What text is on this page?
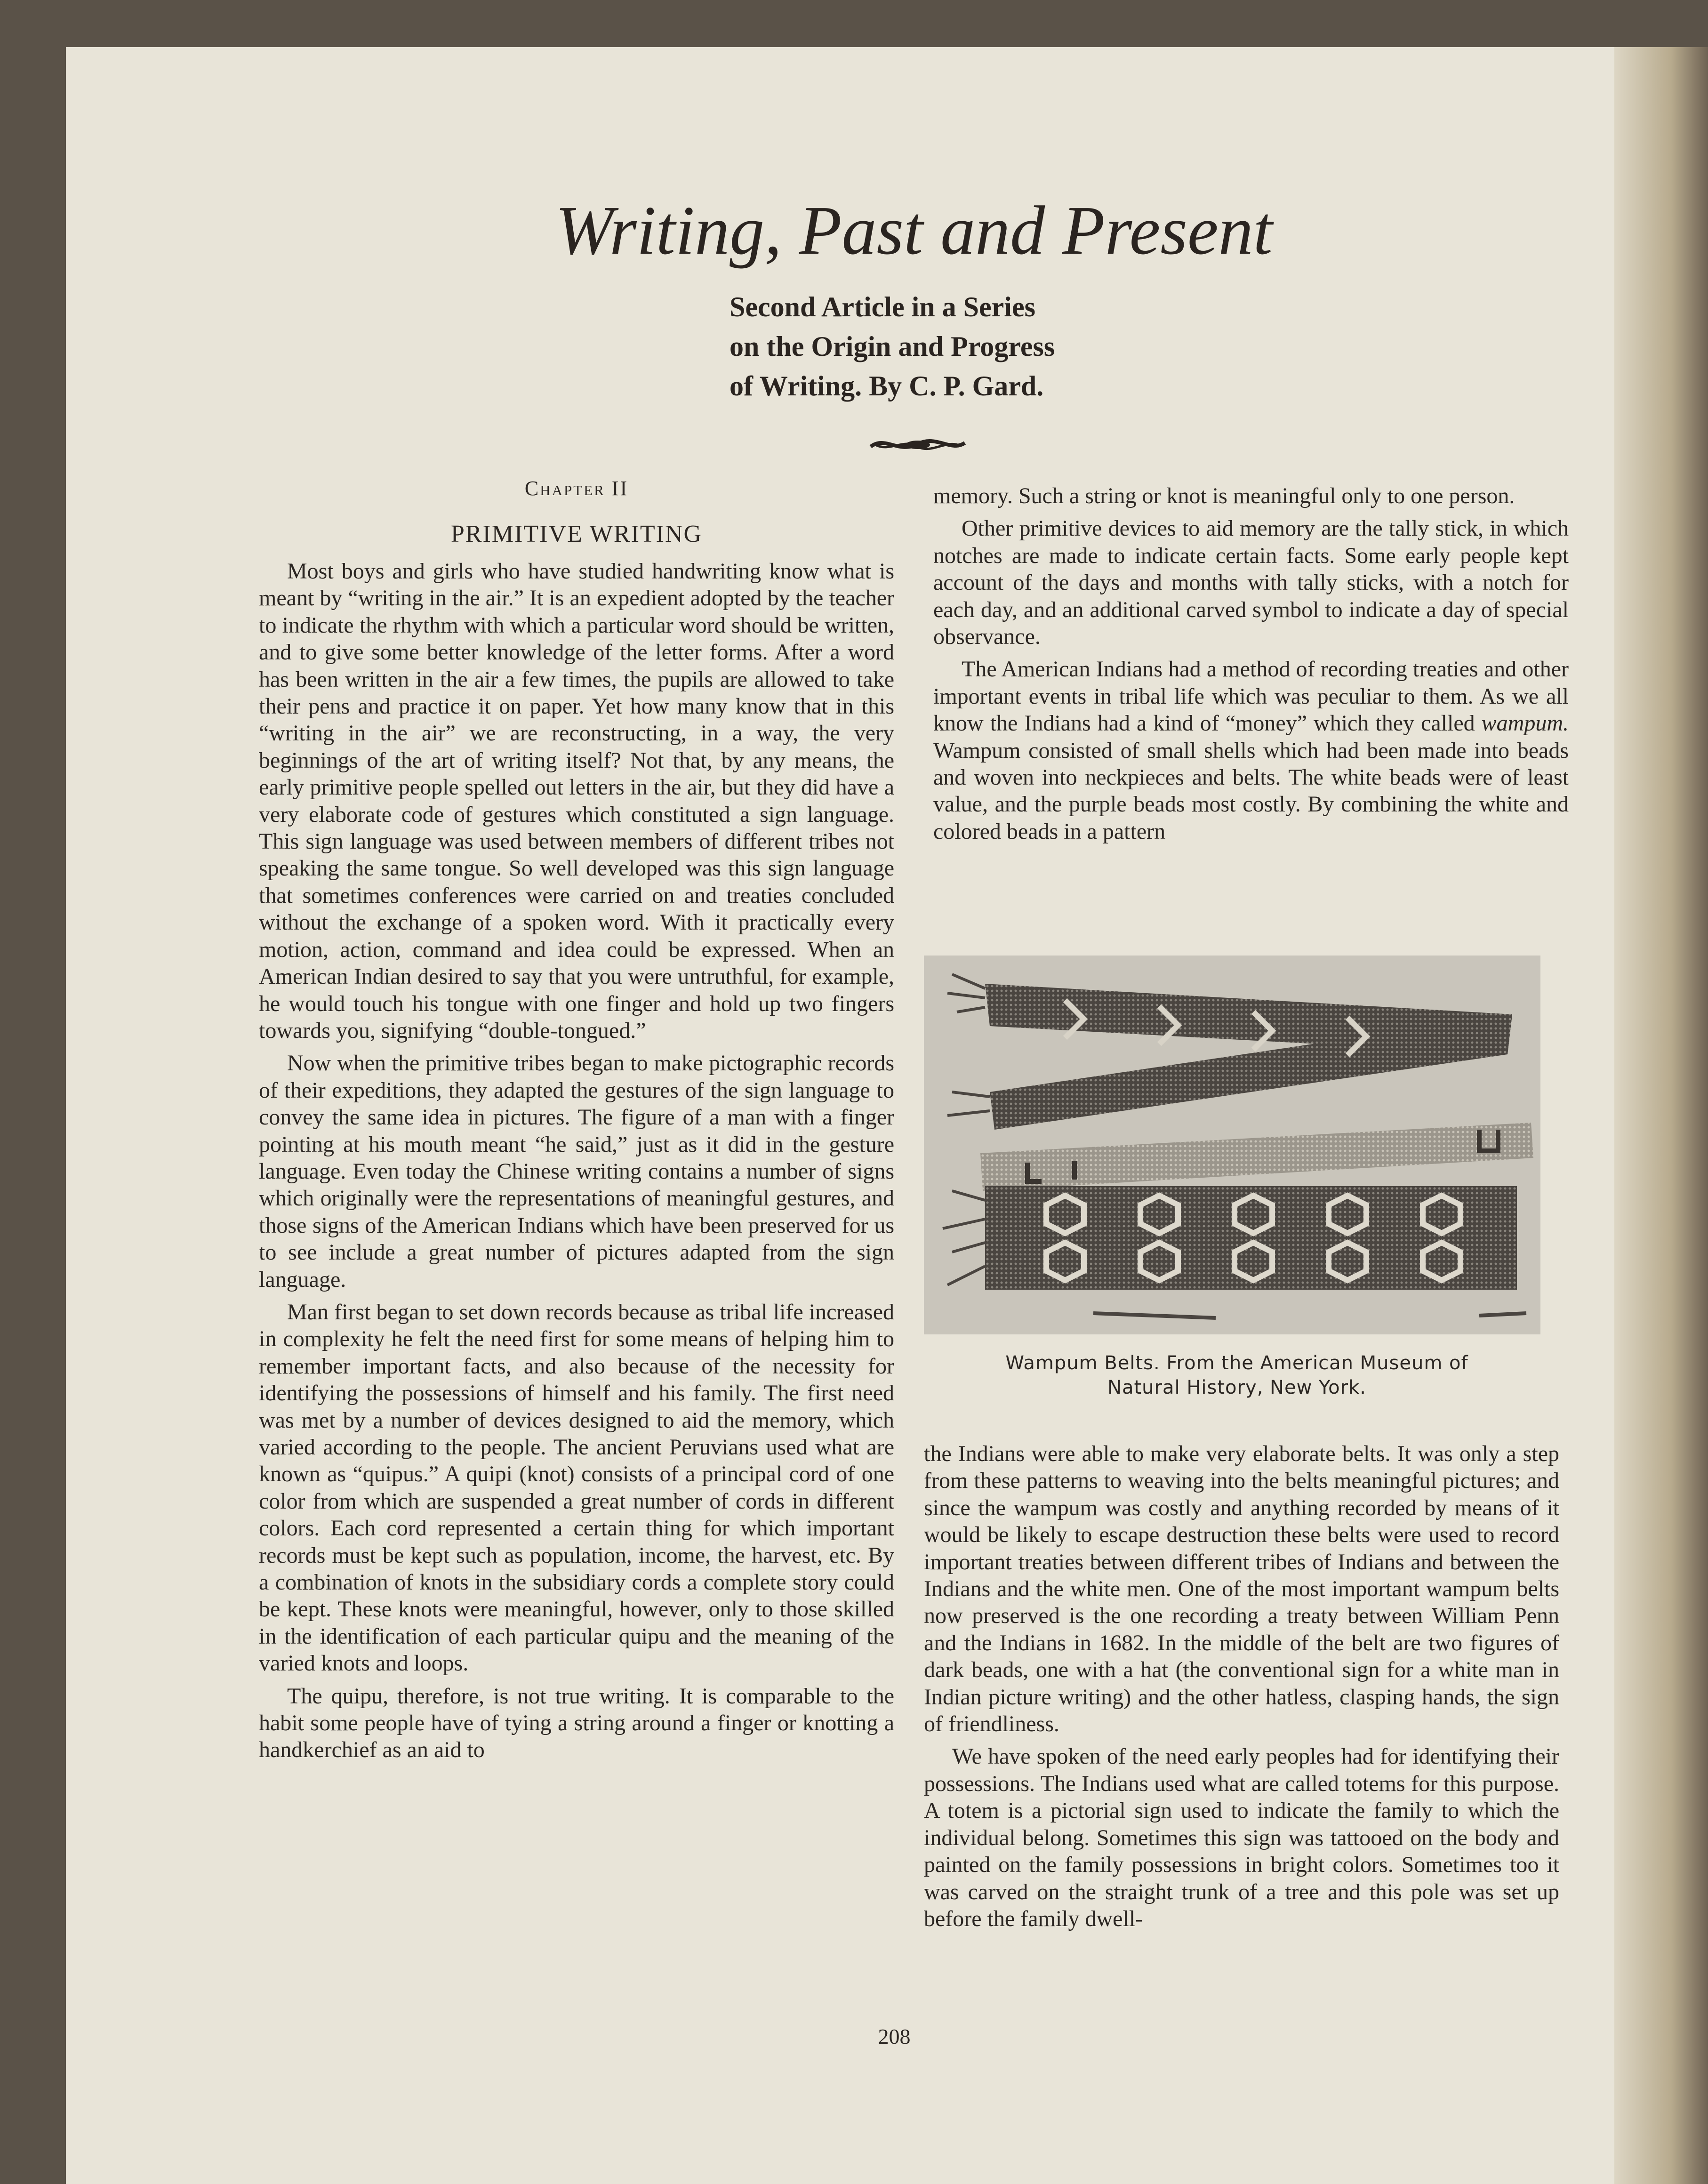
Writing, Past and Present
Second Article in a Series
on the Origin and Progress
of Writing. By C. P. Gard.
Chapter II
PRIMITIVE WRITING

Most boys and girls who have studied handwriting know what is meant by “writing in the air.” It is an expedient adopted by the teacher to indicate the rhythm with which a particular word should be written, and to give some better knowledge of the letter forms. After a word has been written in the air a few times, the pupils are allowed to take their pens and practice it on paper. Yet how many know that in this “writing in the air” we are reconstructing, in a way, the very beginnings of the art of writing itself? Not that, by any means, the early primitive people spelled out letters in the air, but they did have a very elaborate code of gestures which constituted a sign language. This sign language was used between members of different tribes not speaking the same tongue. So well developed was this sign language that sometimes conferences were carried on and treaties concluded without the exchange of a spoken word. With it practically every motion, action, command and idea could be expressed. When an American Indian desired to say that you were untruthful, for example, he would touch his tongue with one finger and hold up two fingers towards you, signifying “double-tongued.”

Now when the primitive tribes began to make pictographic records of their expeditions, they adapted the gestures of the sign language to convey the same idea in pictures. The figure of a man with a finger pointing at his mouth meant “he said,” just as it did in the gesture language. Even today the Chinese writing contains a number of signs which originally were the representations of meaningful gestures, and those signs of the American Indians which have been preserved for us to see include a great number of pictures adapted from the sign language.

Man first began to set down records because as tribal life increased in complexity he felt the need first for some means of helping him to remember important facts, and also because of the necessity for identifying the possessions of himself and his family. The first need was met by a number of devices designed to aid the memory, which varied according to the people. The ancient Peruvians used what are known as “quipus.” A quipi (knot) consists of a principal cord of one color from which are suspended a great number of cords in different colors. Each cord represented a certain thing for which important records must be kept such as population, income, the harvest, etc. By a combination of knots in the subsidiary cords a complete story could be kept. These knots were meaningful, however, only to those skilled in the identification of each particular quipu and the meaning of the varied knots and loops.

The quipu, therefore, is not true writing. It is comparable to the habit some people have of tying a string around a finger or knotting a handkerchief as an aid to

memory. Such a string or knot is meaningful only to one person.

Other primitive devices to aid memory are the tally stick, in which notches are made to indicate certain facts. Some early people kept account of the days and months with tally sticks, with a notch for each day, and an additional carved symbol to indicate a day of special observance.

The American Indians had a method of recording treaties and other important events in tribal life which was peculiar to them. As we all know the Indians had a kind of “money” which they called wampum. Wampum consisted of small shells which had been made into beads and woven into neckpieces and belts. The white beads were of least value, and the purple beads most costly. By combining the white and colored beads in a pattern

Wampum Belts. From the American Museum of
Natural History, New York.

the Indians were able to make very elaborate belts. It was only a step from these patterns to weaving into the belts meaningful pictures; and since the wampum was costly and anything recorded by means of it would be likely to escape destruction these belts were used to record important treaties between different tribes of Indians and between the Indians and the white men. One of the most important wampum belts now preserved is the one recording a treaty between William Penn and the Indians in 1682. In the middle of the belt are two figures of dark beads, one with a hat (the conventional sign for a white man in Indian picture writing) and the other hatless, clasping hands, the sign of friendliness.

We have spoken of the need early peoples had for identifying their possessions. The Indians used what are called totems for this purpose. A totem is a pictorial sign used to indicate the family to which the individual belong. Sometimes this sign was tattooed on the body and painted on the family possessions in bright colors. Sometimes too it was carved on the straight trunk of a tree and this pole was set up before the family dwell-

208
